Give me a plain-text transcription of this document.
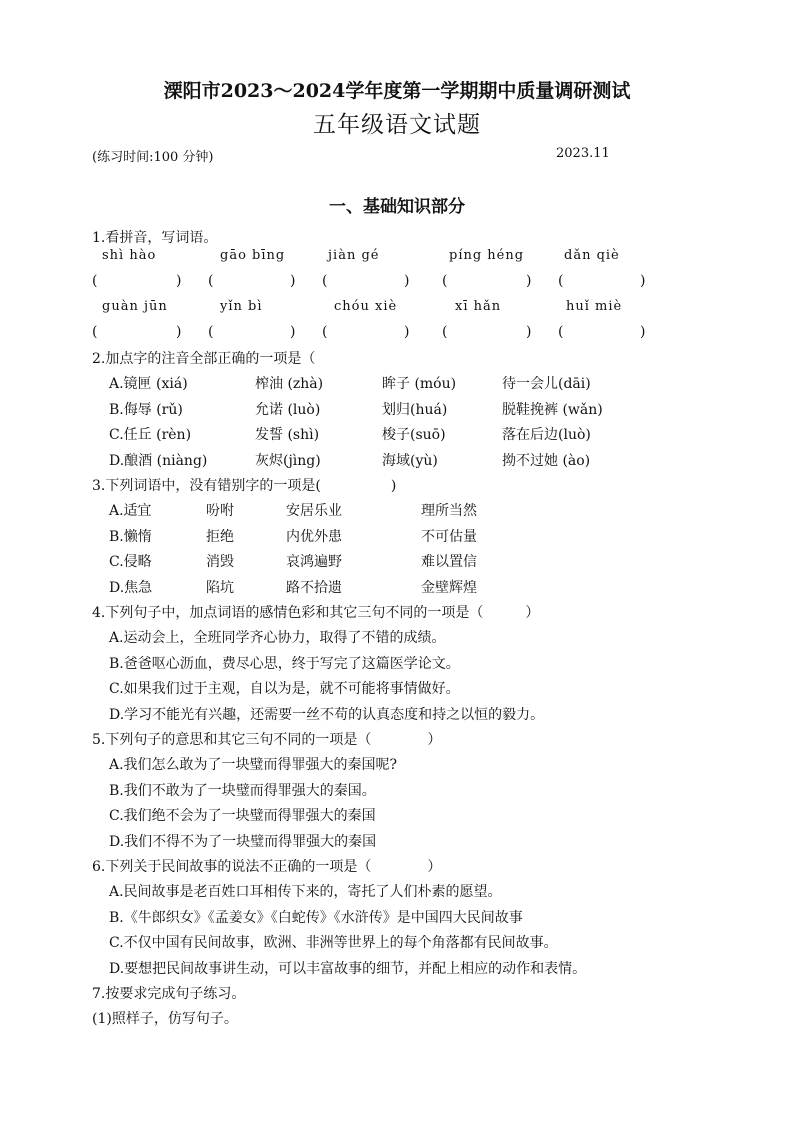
溧阳市2023～2024学年度第一学期期中质量调研测试
五年级语文试题
(练习时间:100 分钟)	2023.11
一、基础知识部分
1.看拼音，写词语。
shì hào	gāo bīng	jiàn gé	píng héng	dǎn qiè
(	) (	) (	) (	) (	)
guàn jūn	yǐn bì	chóu xiè	xī hǎn	huǐ miè
(	) (	) (	) (	) (	)
2.加点字的注音全部正确的一项是（
A.镜匣 (xiá)	榨油 (zhà)	眸子 (móu)	待一会儿(dāi)
B.侮辱 (rǔ)	允诺 (luò)	划归(huá)	脱鞋挽裤 (wǎn)
C.任丘 (rèn)	发誓 (shì)	梭子(suō)	落在后边(luò)
D.酿酒 (niàng)	灰烬(jìng)	海域(yù)	拗不过她 (ào)
3.下列词语中，没有错别字的一项是(　　　　　)
A.适宜	吩咐	安居乐业	理所当然
B.懒惰	拒绝	内优外患	不可估量
C.侵略	消毁	哀鸿遍野	难以置信
D.焦急	陷坑	路不拾遗	金壁辉煌
4.下列句子中，加点词语的感情色彩和其它三句不同的一项是（　　　）
A.运动会上，全班同学齐心协力，取得了不错的成绩。
B.爸爸呕心沥血，费尽心思，终于写完了这篇医学论文。
C.如果我们过于主观，自以为是，就不可能将事情做好。
D.学习不能光有兴趣，还需要一丝不苟的认真态度和持之以恒的毅力。
5.下列句子的意思和其它三句不同的一项是（　　　　）
A.我们怎么敢为了一块璧而得罪强大的秦国呢?
B.我们不敢为了一块璧而得罪强大的秦国。
C.我们绝不会为了一块璧而得罪强大的秦国
D.我们不得不为了一块璧而得罪强大的秦国
6.下列关于民间故事的说法不正确的一项是（　　　　）
A.民间故事是老百姓口耳相传下来的，寄托了人们朴素的愿望。
B.《牛郎织女》《孟姜女》《白蛇传》《水浒传》是中国四大民间故事
C.不仅中国有民间故事，欧洲、非洲等世界上的每个角落都有民间故事。
D.要想把民间故事讲生动，可以丰富故事的细节，并配上相应的动作和表情。
7.按要求完成句子练习。
(1)照样子，仿写句子。
